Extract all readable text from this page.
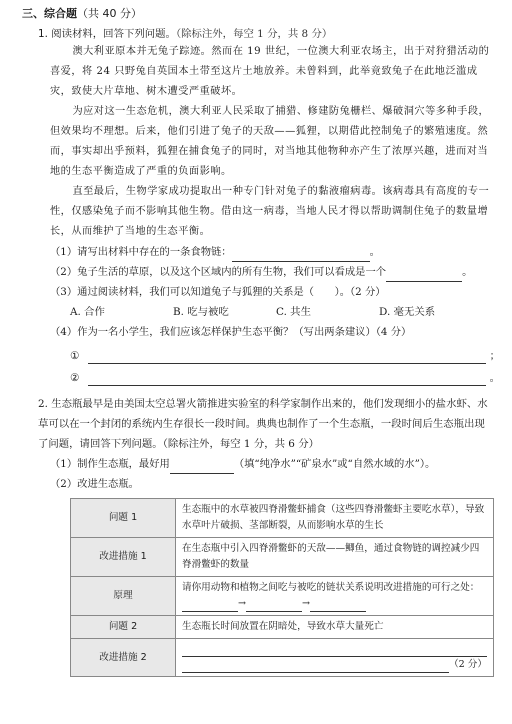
三、综合题（共 40 分）
1. 阅读材料，回答下列问题。（除标注外，每空 1 分，共 8 分）

澳大利亚原本并无兔子踪迹。然而在 19 世纪，一位澳大利亚农场主，出于对狩猎活动的喜爱，将 24 只野兔自英国本土带至这片土地放养。未曾料到，此举竟致兔子在此地泛滥成灾，致使大片草地、树木遭受严重破坏。

为应对这一生态危机，澳大利亚人民采取了捕猎、修建防兔栅栏、爆破洞穴等多种手段，但效果均不理想。后来，他们引进了兔子的天敌——狐狸，以期借此控制兔子的繁殖速度。然而，事实却出乎预料，狐狸在捕食兔子的同时，对当地其他物种亦产生了浓厚兴趣，进而对当地的生态平衡造成了严重的负面影响。

直至最后，生物学家成功提取出一种专门针对兔子的黏液瘤病毒。该病毒具有高度的专一性，仅感染兔子而不影响其他生物。借由这一病毒，当地人民才得以帮助调制住兔子的数量增长，从而维护了当地的生态平衡。

（1）请写出材料中存在的一条食物链：	。
（2）兔子生活的草原，以及这个区域内的所有生物，我们可以看成是一个	。
（3）通过阅读材料，我们可以知道兔子与狐狸的关系是（　　）。（2 分）
A. 合作	B. 吃与被吃	C. 共生	D. 毫无关系
（4）作为一名小学生，我们应该怎样保护生态平衡？（写出两条建议）（4 分）
①	；
②	。
2. 生态瓶最早是由美国太空总署火箭推进实验室的科学家制作出来的，他们发现细小的盐水虾、水草可以在一个封闭的系统内生存很长一段时间。典典也制作了一个生态瓶，一段时间后生态瓶出现了问题，请回答下列问题。（除标注外，每空 1 分，共 6 分）
（1）制作生态瓶，最好用	（填“纯净水”“矿泉水”或“自然水域的水”）。
（2）改进生态瓶。
问题 1	生态瓶中的水草被四脊滑鳖虾捕食（这些四脊滑鳖虾主要吃水草），导致水草叶片破损、茎部断裂，从而影响水草的生长
改进措施 1	在生态瓶中引入四脊滑鳖虾的天敌——鲫鱼，通过食物链的调控减少四脊滑鳖虾的数量
原理	请你用动物和植物之间吃与被吃的链状关系说明改进措施的可行之处：
→ →
问题 2	生态瓶长时间放置在阴暗处，导致水草大量死亡
改进措施 2	（2 分）
